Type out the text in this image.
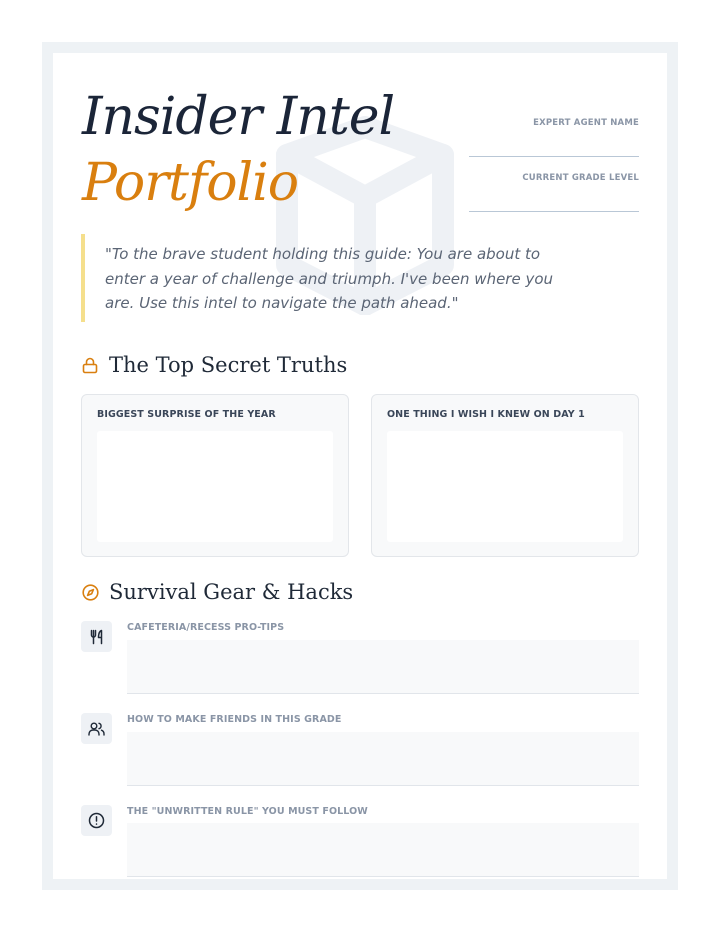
Insider Intel
Portfolio
EXPERT AGENT NAME
CURRENT GRADE LEVEL
"To the brave student holding this guide: You are about to enter a year of challenge and triumph. I've been where you are. Use this intel to navigate the path ahead."
The Top Secret Truths
BIGGEST SURPRISE OF THE YEAR	ONE THING I WISH I KNEW ON DAY 1
Survival Gear & Hacks
CAFETERIA/RECESS PRO-TIPS
HOW TO MAKE FRIENDS IN THIS GRADE
THE "UNWRITTEN RULE" YOU MUST FOLLOW
